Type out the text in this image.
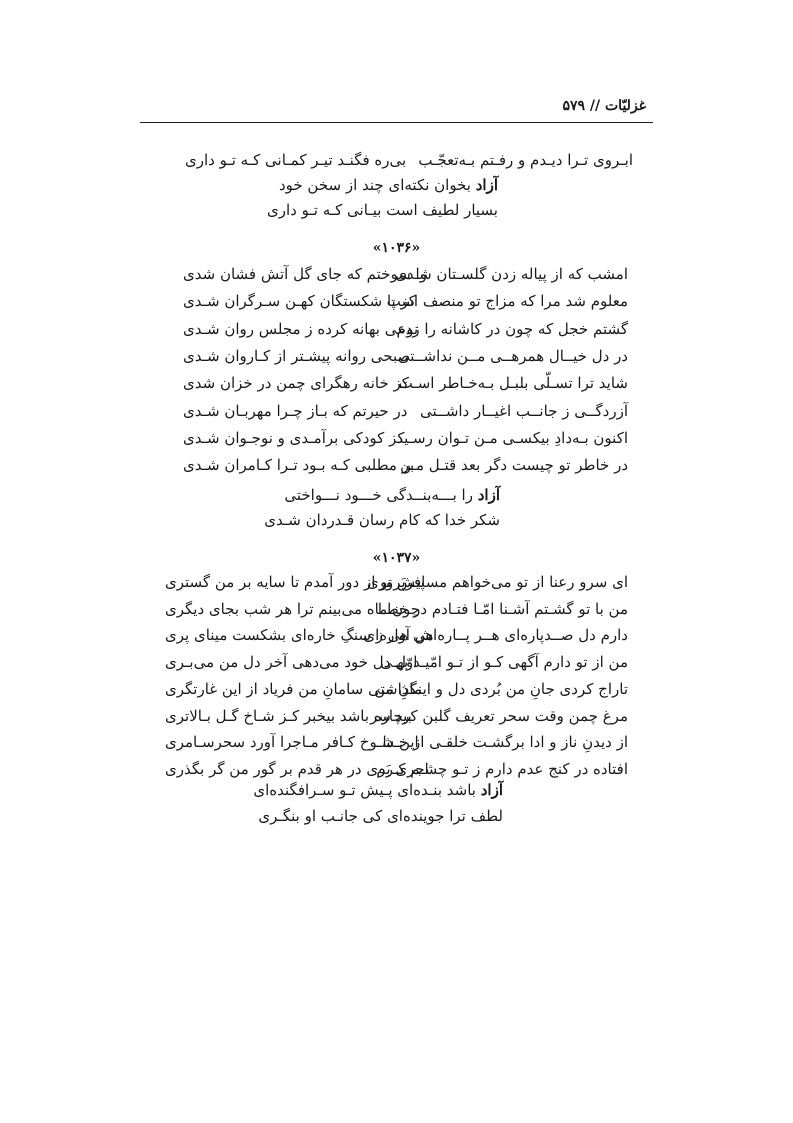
غزلیّات // ۵۷۹
ابـروی تـرا دیـدم و رفـتم بـه‌تعجّـب
بی‌ره فگنـد تیـر کمـانی کـه تـو داری
آزاد بخوان نکته‌ای چند از سخن خود
بسیار لطیف است بیـانی کـه تـو داری
«۱۰۳۶»
امشب که از پیاله زدن گلسـتان شـدی
وا سوختم که جای گل آتش فشان شدی
معلوم شد مرا که مزاج تو منصف است
کز پا شکستگان کهـن سـرگران شـدی
گشتم خجل که چون در کاشانه را زدم
نوعی بهانه کرده ز مجلس روان شـدی
در دل خیــال همرهــی مــن نداشــتی
صبحی روانه پیشـتر از کـاروان شـدی
شاید ترا تسـلّی بلبـل بـه‌خـاطر اسـت
کز خانه رهگرای چمن در خزان شدی
آزردگــی ز جانــب اغیــار داشــتی
در حیرتم که بـاز چـرا مهربـان شـدی
اکنون بـه‌دادِ بیکسـی مـن تـوان رسـید
کز کودکی برآمـدی و نوجـوان شـدی
در خاطر تو چیست دگر بعد قتـل مـن
بر مطلبی کـه بـود تـرا کـامران شـدی
آزاد را بـــه‌بنــدگی خـــود نـــواختی
شکر خدا که کام رسان قـدردان شـدی
«۱۰۳۷»
ای سرو رعنا از تو می‌خواهم مسافرپَروری
پیش تو از دور آمدم تا سایه بر من گستری
من با تو گشـتم آشـنا امّـا فتـادم در خطـا
چون ماه می‌بینم ترا هر شب بجای دیگری
دارم دل صــدپاره‌ای هــر پــاره‌اش آواره‌ای
هی هی ز سنگِ خاره‌ای بشکست مینای پری
من از تو دارم آگهی کـو از تـو امّیـد بهـی
اوّل دل خود می‌دهی آخر دل من می‌بـری
تاراج کردی جانِ من بُردی دل و ایمانِ من
نگذاشتی سامانِ من فریاد از این غارتگری
مرغ چمن وقت سحر تعریف گلبن کرد سر
بیچاره باشد بیخبر کـز شـاخ گـل بـالاتری
از دیدنِ ناز و ادا برگشـت خلقـی از خـدا
این شـوخ کـافر مـاجرا آورد سحرسـامری
افتاده در کنج عدم دارم ز تـو چشـم کـرم
اجری بَری در هر قدم بر گور من گر بگذری
آزاد باشد بنـده‌ای پـیش تـو سـرافگنده‌ای
لطف ترا جوینده‌ای کی جانـب او بنگـری
